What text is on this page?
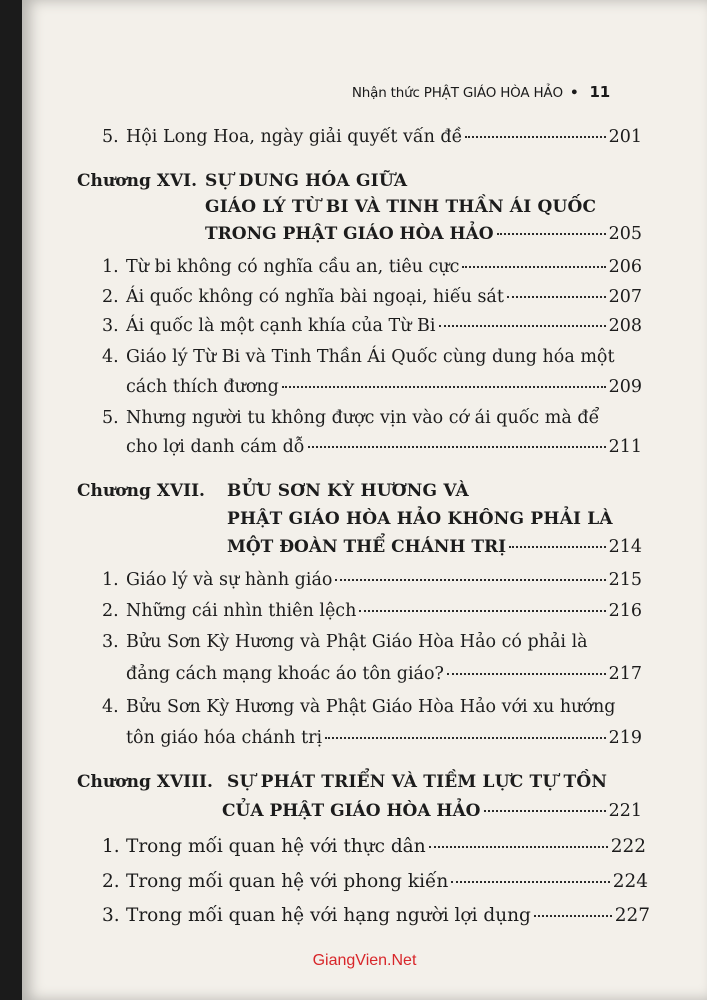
Nhận thức PHẬT GIÁO HÒA HẢO • 11
5. Hội Long Hoa, ngày giải quyết vấn đề	201
Chương XVI. SỰ DUNG HÓA GIỮA
GIÁO LÝ TỪ BI VÀ TINH THẦN ÁI QUỐC
TRONG PHẬT GIÁO HÒA HẢO	205
1. Từ bi không có nghĩa cầu an, tiêu cực	206
2. Ái quốc không có nghĩa bài ngoại, hiếu sát	207
3. Ái quốc là một cạnh khía của Từ Bi	208
4. Giáo lý Từ Bi và Tinh Thần Ái Quốc cùng dung hóa một
cách thích đương	209
5. Nhưng người tu không được vịn vào cớ ái quốc mà để
cho lợi danh cám dỗ	211
Chương XVII. BỬU SƠN KỲ HƯƠNG VÀ
PHẬT GIÁO HÒA HẢO KHÔNG PHẢI LÀ
MỘT ĐOÀN THỂ CHÁNH TRỊ	214
1. Giáo lý và sự hành giáo	215
2. Những cái nhìn thiên lệch	216
3. Bửu Sơn Kỳ Hương và Phật Giáo Hòa Hảo có phải là
đảng cách mạng khoác áo tôn giáo?	217
4. Bửu Sơn Kỳ Hương và Phật Giáo Hòa Hảo với xu hướng
tôn giáo hóa chánh trị	219
Chương XVIII. SỰ PHÁT TRIỂN VÀ TIỀM LỰC TỰ TỒN
CỦA PHẬT GIÁO HÒA HẢO	221
1. Trong mối quan hệ với thực dân	222
2. Trong mối quan hệ với phong kiến	224
3. Trong mối quan hệ với hạng người lợi dụng	227
GiangVien.Net
